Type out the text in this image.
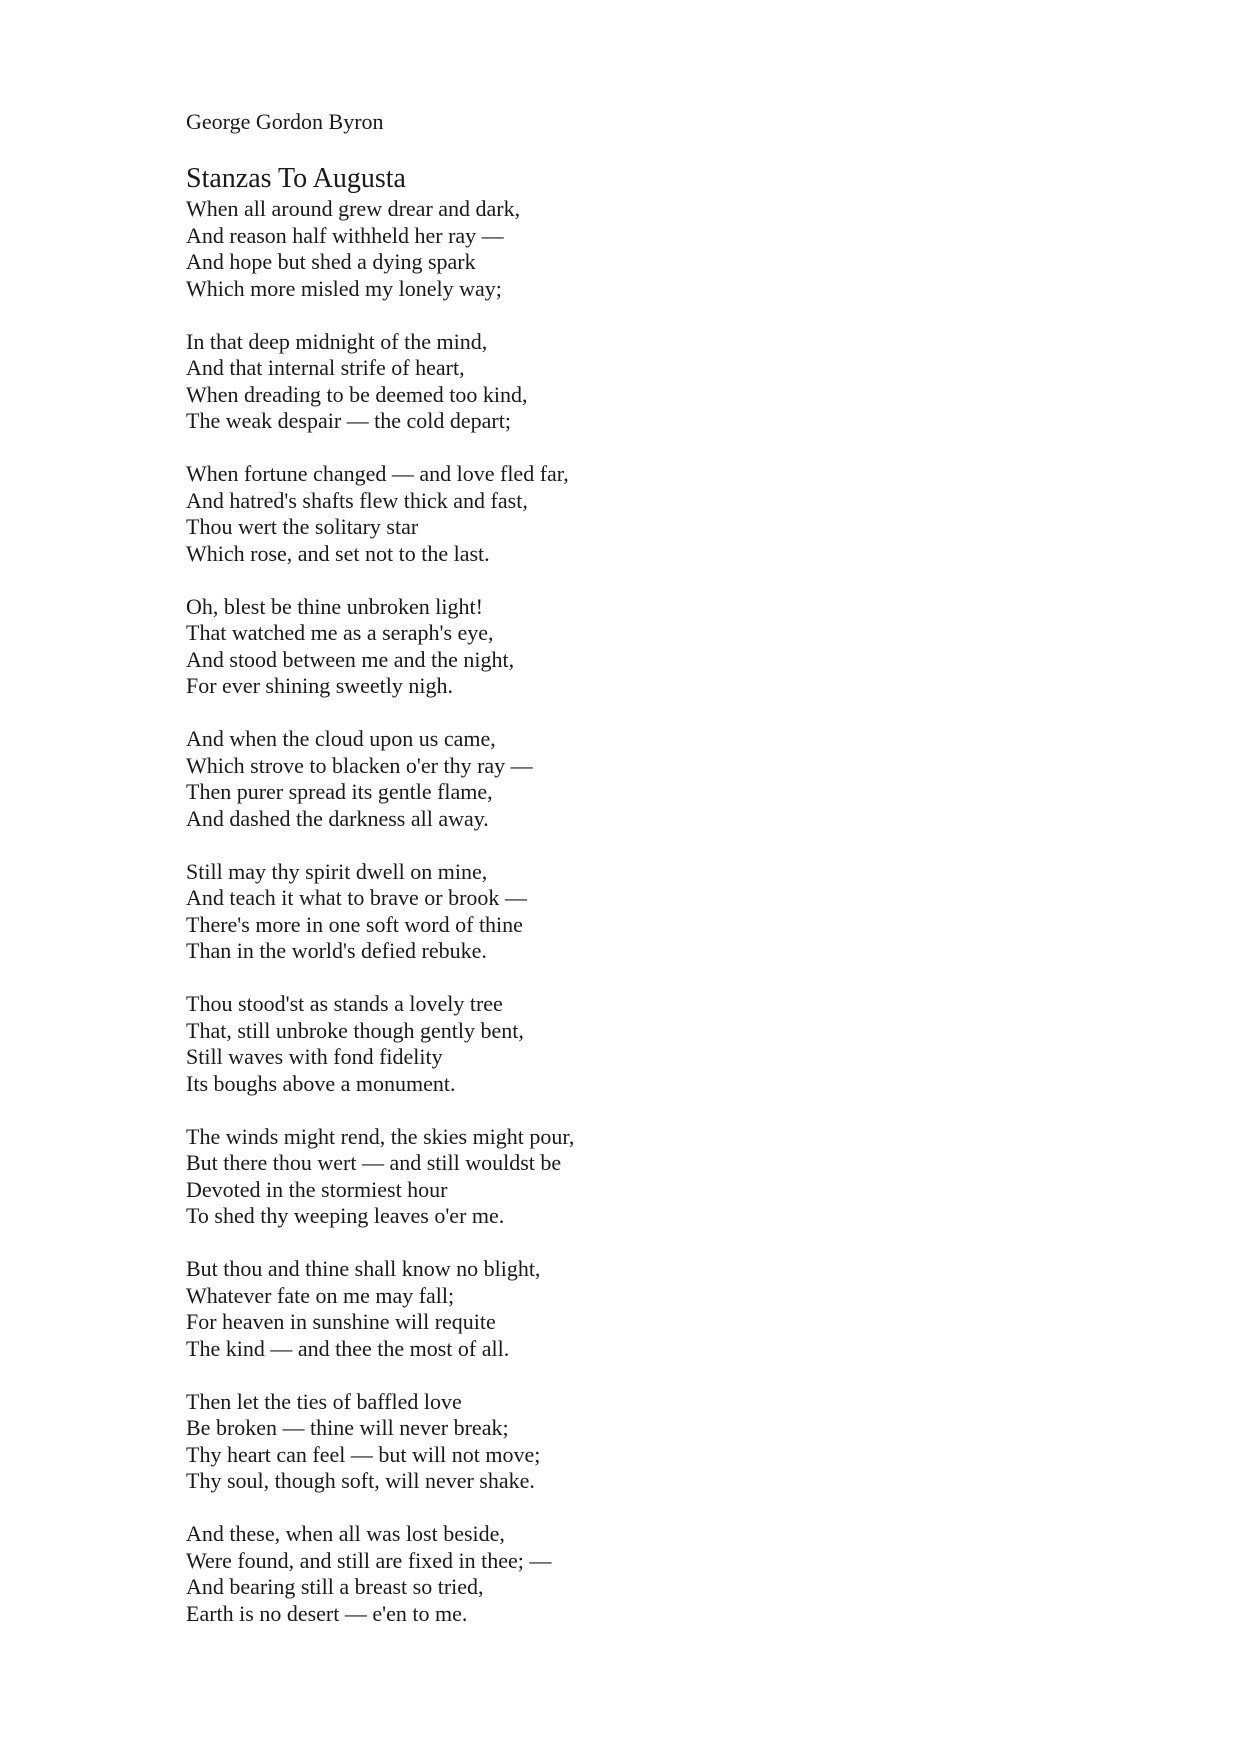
George Gordon Byron
Stanzas To Augusta
When all around grew drear and dark,
And reason half withheld her ray —
And hope but shed a dying spark
Which more misled my lonely way;
In that deep midnight of the mind,
And that internal strife of heart,
When dreading to be deemed too kind,
The weak despair — the cold depart;
When fortune changed — and love fled far,
And hatred's shafts flew thick and fast,
Thou wert the solitary star
Which rose, and set not to the last.
Oh, blest be thine unbroken light!
That watched me as a seraph's eye,
And stood between me and the night,
For ever shining sweetly nigh.
And when the cloud upon us came,
Which strove to blacken o'er thy ray —
Then purer spread its gentle flame,
And dashed the darkness all away.
Still may thy spirit dwell on mine,
And teach it what to brave or brook —
There's more in one soft word of thine
Than in the world's defied rebuke.
Thou stood'st as stands a lovely tree
That, still unbroke though gently bent,
Still waves with fond fidelity
Its boughs above a monument.
The winds might rend, the skies might pour,
But there thou wert — and still wouldst be
Devoted in the stormiest hour
To shed thy weeping leaves o'er me.
But thou and thine shall know no blight,
Whatever fate on me may fall;
For heaven in sunshine will requite
The kind — and thee the most of all.
Then let the ties of baffled love
Be broken — thine will never break;
Thy heart can feel — but will not move;
Thy soul, though soft, will never shake.
And these, when all was lost beside,
Were found, and still are fixed in thee; —
And bearing still a breast so tried,
Earth is no desert — e'en to me.
